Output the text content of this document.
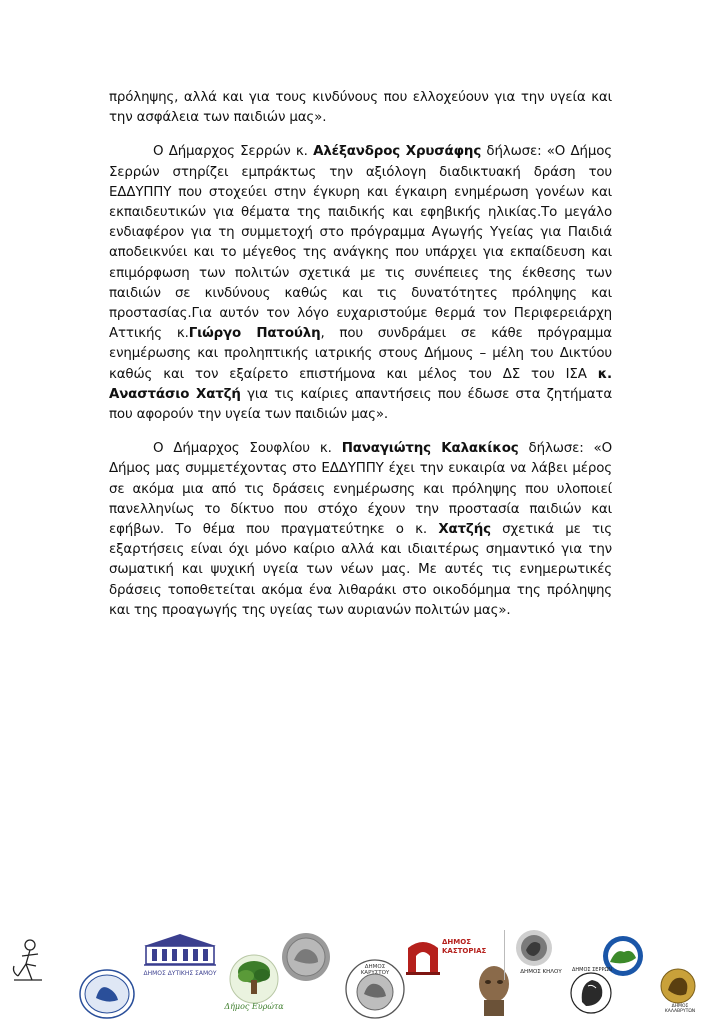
πρόληψης, αλλά και για τους κινδύνους που ελλοχεύουν για την υγεία και την ασφάλεια των παιδιών μας».

Ο Δήμαρχος Σερρών κ. Αλέξανδρος Χρυσάφης δήλωσε: «Ο Δήμος Σερρών στηρίζει εμπράκτως την αξιόλογη διαδικτυακή δράση του ΕΔΔΥΠΠΥ που στοχεύει στην έγκυρη και έγκαιρη ενημέρωση γονέων και εκπαιδευτικών για θέματα της παιδικής και εφηβικής ηλικίας.Το μεγάλο ενδιαφέρον για τη συμμετοχή στο πρόγραμμα Αγωγής Υγείας για Παιδιά αποδεικνύει και το μέγεθος της ανάγκης που υπάρχει για εκπαίδευση και επιμόρφωση των πολιτών σχετικά με τις συνέπειες της έκθεσης των παιδιών σε κινδύνους καθώς και τις δυνατότητες πρόληψης και προστασίας.Για αυτόν τον λόγο ευχαριστούμε θερμά τον Περιφερειάρχη Αττικής κ.Γιώργο Πατούλη, που συνδράμει σε κάθε πρόγραμμα ενημέρωσης και προληπτικής ιατρικής στους Δήμους – μέλη του Δικτύου καθώς και τον εξαίρετο επιστήμονα και μέλος του ΔΣ του ΙΣΑ κ. Αναστάσιο Χατζή για τις καίριες απαντήσεις που έδωσε στα ζητήματα που αφορούν την υγεία των παιδιών μας».

Ο Δήμαρχος Σουφλίου κ. Παναγιώτης Καλακίκος δήλωσε: «Ο Δήμος μας συμμετέχοντας στο ΕΔΔΥΠΠΥ έχει την ευκαιρία να λάβει μέρος σε ακόμα μια από τις δράσεις ενημέρωσης και πρόληψης που υλοποιεί πανελληνίως το δίκτυο που στόχο έχουν την προστασία παιδιών και εφήβων. Το θέμα που πραγματεύτηκε ο κ. Χατζής σχετικά με τις εξαρτήσεις είναι όχι μόνο καίριο αλλά και ιδιαιτέρως σημαντικό για την σωματική και ψυχική υγεία των νέων μας. Με αυτές τις ενημερωτικές δράσεις τοποθετείται ακόμα ένα λιθαράκι στο οικοδόμημα της πρόληψης και της προαγωγής της υγείας των αυριανών πολιτών μας».

ΔΗΜΟΣ ΔΥΤΙΚΗΣ ΣΑΜΟΥ
Δήμος Ευρώτα
ΔΗΜΟΣ ΚΑΡΥΣΤΟΥ
ΔΗΜΟΣ ΚΑΣΤΟΡΙΑΣ
ΔΗΜΟΣ ΚΗΛΟΥ	ΔΗΜΟΣ ΣΕΡΡΩΝ
ΔΗΜΟΣ ΚΑΛΑΒΡΥΤΩΝ
